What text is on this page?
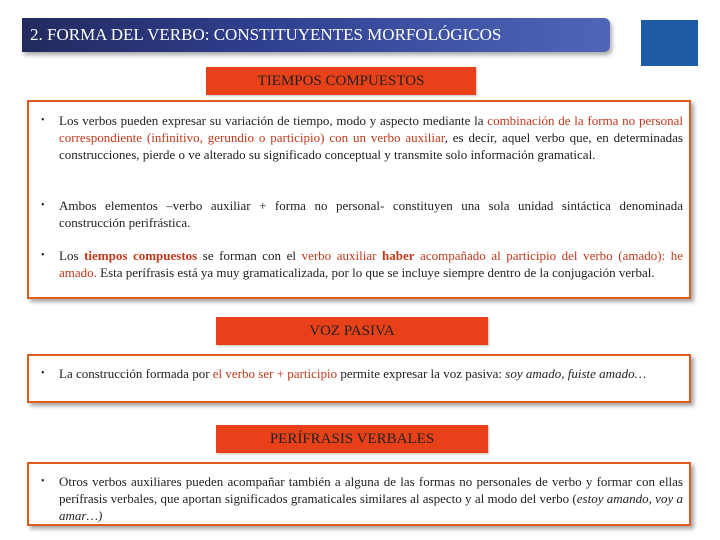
2. FORMA DEL VERBO: CONSTITUYENTES MORFOLÓGICOS
TIEMPOS COMPUESTOS
• Los verbos pueden expresar su variación de tiempo, modo y aspecto mediante la combinación de la forma no personal correspondiente (infinitivo, gerundio o participio) con un verbo auxiliar, es decir, aquel verbo que, en determinadas construcciones, pierde o ve alterado su significado conceptual y transmite solo información gramatical.
• Ambos elementos –verbo auxiliar + forma no personal- constituyen una sola unidad sintáctica denominada construcción perifrástica.
• Los tiempos compuestos se forman con el verbo auxiliar haber acompañado al participio del verbo (amado): he amado. Esta perífrasis está ya muy gramaticalizada, por lo que se incluye siempre dentro de la conjugación verbal.
VOZ PASIVA
• La construcción formada por el verbo ser + participio permite expresar la voz pasiva: soy amado, fuiste amado…
PERÍFRASIS VERBALES
• Otros verbos auxiliares pueden acompañar también a alguna de las formas no personales de verbo y formar con ellas perífrasis verbales, que aportan significados gramaticales similares al aspecto y al modo del verbo (estoy amando, voy a amar…)
